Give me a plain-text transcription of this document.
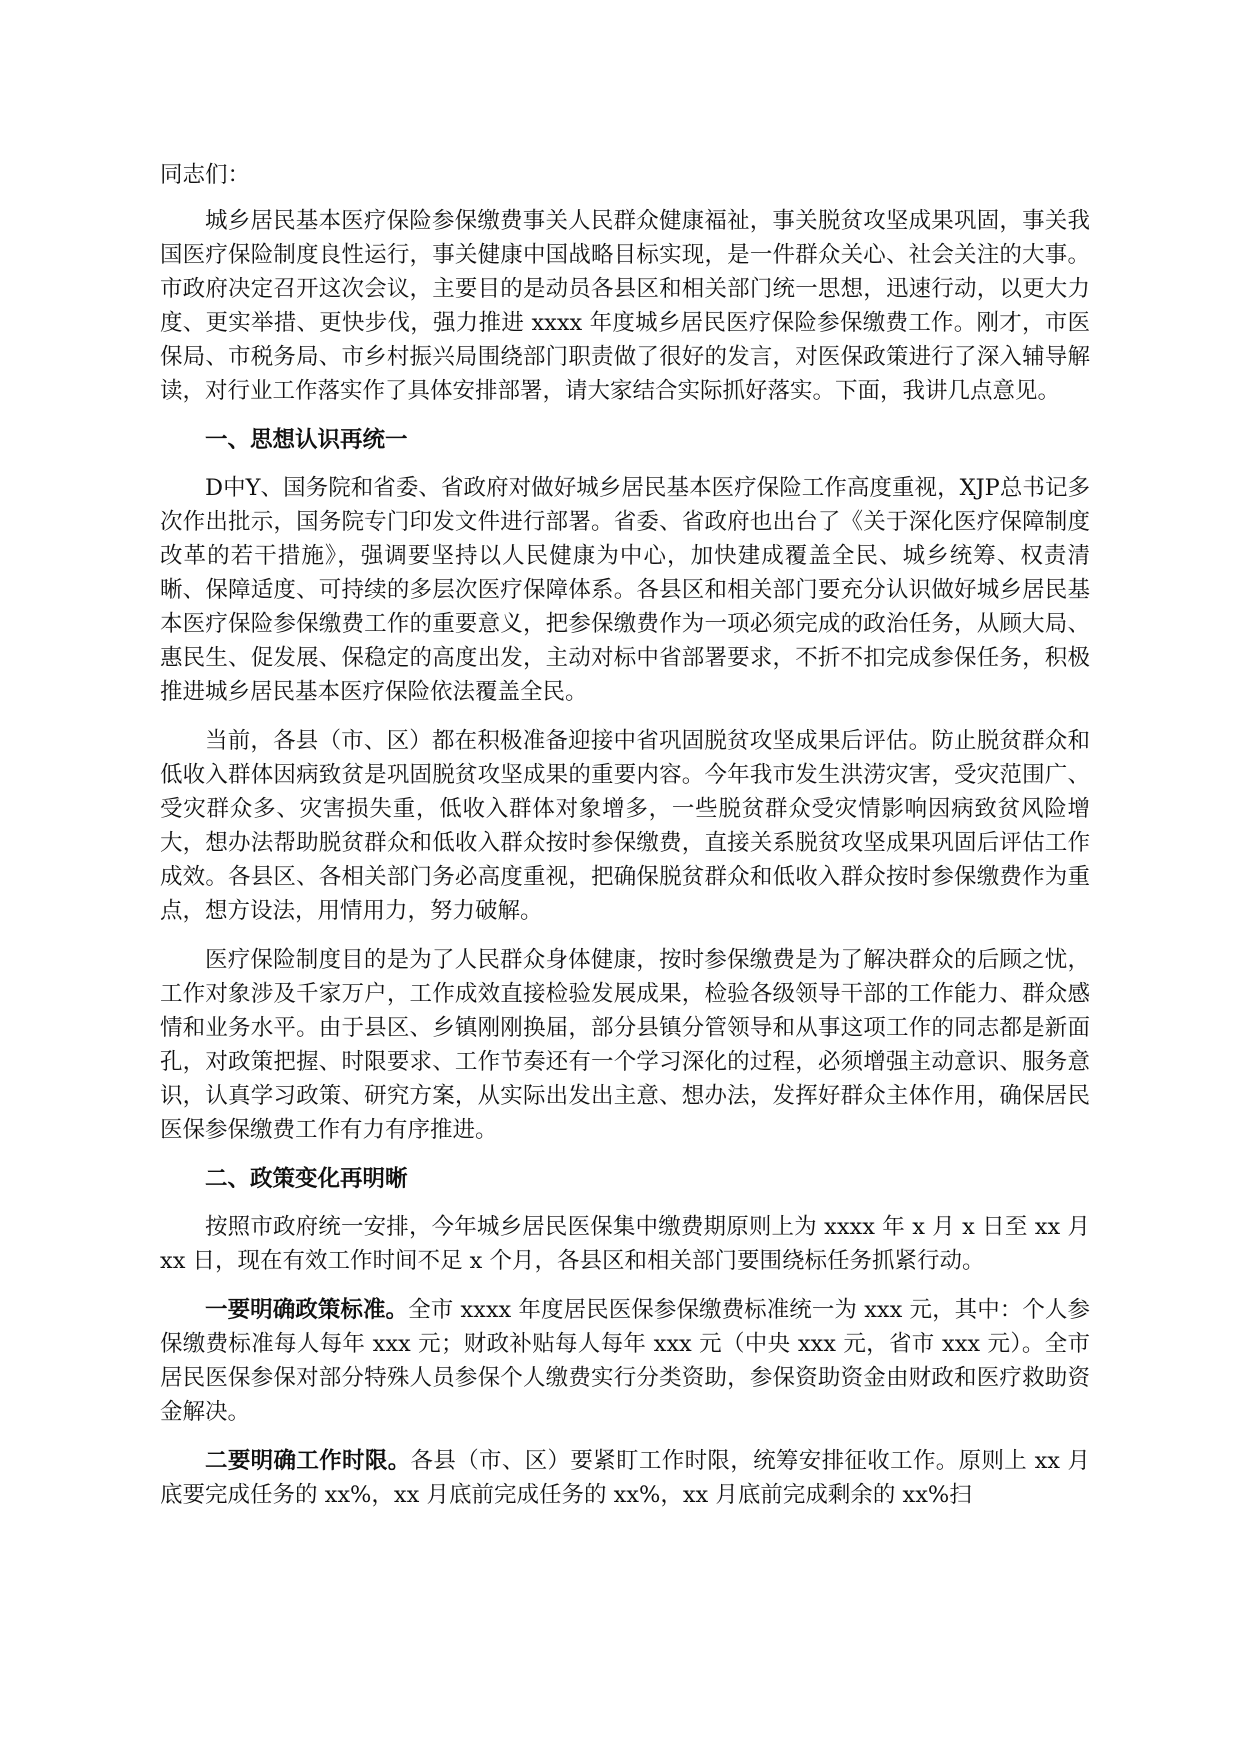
同志们：

城乡居民基本医疗保险参保缴费事关人民群众健康福祉，事关脱贫攻坚成果巩固，事关我国医疗保险制度良性运行，事关健康中国战略目标实现，是一件群众关心、社会关注的大事。市政府决定召开这次会议，主要目的是动员各县区和相关部门统一思想，迅速行动，以更大力度、更实举措、更快步伐，强力推进 xxxx 年度城乡居民医疗保险参保缴费工作。刚才，市医保局、市税务局、市乡村振兴局围绕部门职责做了很好的发言，对医保政策进行了深入辅导解读，对行业工作落实作了具体安排部署，请大家结合实际抓好落实。下面，我讲几点意见。

一、思想认识再统一

D中Y、国务院和省委、省政府对做好城乡居民基本医疗保险工作高度重视，XJP总书记多次作出批示，国务院专门印发文件进行部署。省委、省政府也出台了《关于深化医疗保障制度改革的若干措施》，强调要坚持以人民健康为中心，加快建成覆盖全民、城乡统筹、权责清晰、保障适度、可持续的多层次医疗保障体系。各县区和相关部门要充分认识做好城乡居民基本医疗保险参保缴费工作的重要意义，把参保缴费作为一项必须完成的政治任务，从顾大局、惠民生、促发展、保稳定的高度出发，主动对标中省部署要求，不折不扣完成参保任务，积极推进城乡居民基本医疗保险依法覆盖全民。

当前，各县（市、区）都在积极准备迎接中省巩固脱贫攻坚成果后评估。防止脱贫群众和低收入群体因病致贫是巩固脱贫攻坚成果的重要内容。今年我市发生洪涝灾害，受灾范围广、受灾群众多、灾害损失重，低收入群体对象增多，一些脱贫群众受灾情影响因病致贫风险增大，想办法帮助脱贫群众和低收入群众按时参保缴费，直接关系脱贫攻坚成果巩固后评估工作成效。各县区、各相关部门务必高度重视，把确保脱贫群众和低收入群众按时参保缴费作为重点，想方设法，用情用力，努力破解。

医疗保险制度目的是为了人民群众身体健康，按时参保缴费是为了解决群众的后顾之忧，工作对象涉及千家万户，工作成效直接检验发展成果，检验各级领导干部的工作能力、群众感情和业务水平。由于县区、乡镇刚刚换届，部分县镇分管领导和从事这项工作的同志都是新面孔，对政策把握、时限要求、工作节奏还有一个学习深化的过程，必须增强主动意识、服务意识，认真学习政策、研究方案，从实际出发出主意、想办法，发挥好群众主体作用，确保居民医保参保缴费工作有力有序推进。

二、政策变化再明晰

按照市政府统一安排，今年城乡居民医保集中缴费期原则上为 xxxx 年 x 月 x 日至 xx 月 xx 日，现在有效工作时间不足 x 个月，各县区和相关部门要围绕标任务抓紧行动。

一要明确政策标准。全市 xxxx 年度居民医保参保缴费标准统一为 xxx 元，其中：个人参保缴费标准每人每年 xxx 元；财政补贴每人每年 xxx 元（中央 xxx 元，省市 xxx 元）。全市居民医保参保对部分特殊人员参保个人缴费实行分类资助，参保资助资金由财政和医疗救助资金解决。

二要明确工作时限。各县（市、区）要紧盯工作时限，统筹安排征收工作。原则上 xx 月底要完成任务的 xx%，xx 月底前完成任务的 xx%，xx 月底前完成剩余的 xx%扫
